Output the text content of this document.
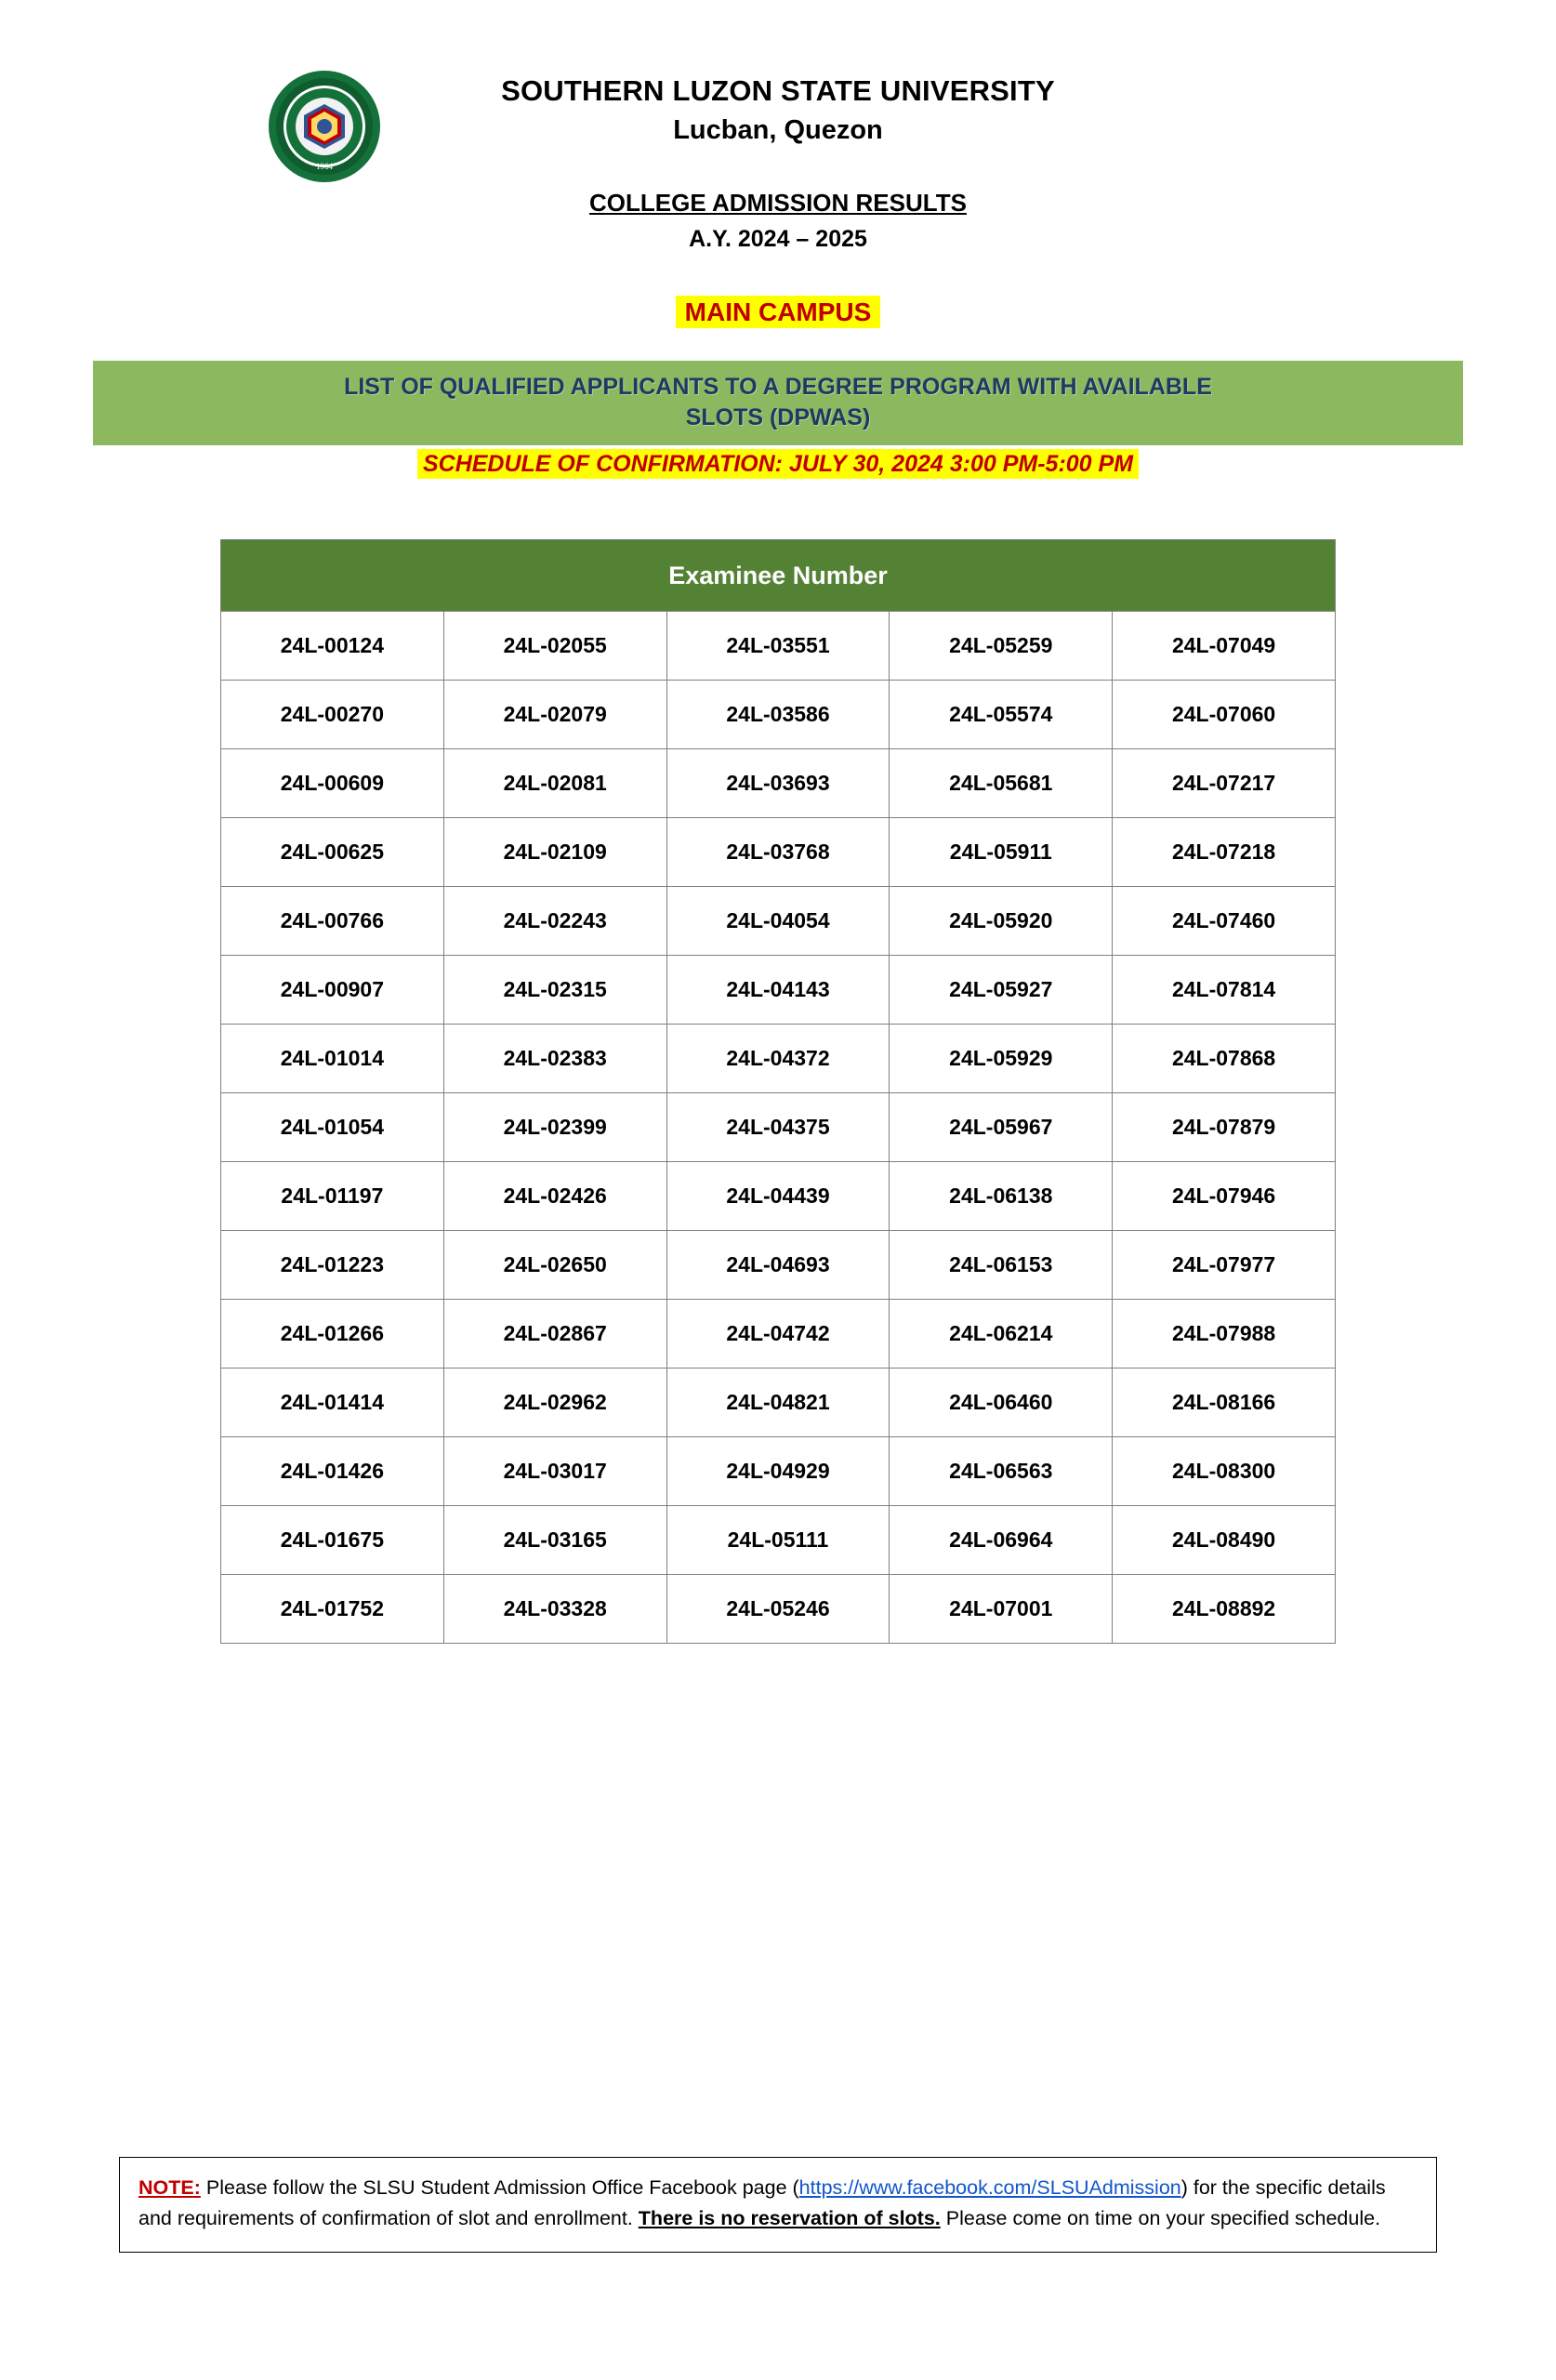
1964
SOUTHERN LUZON STATE UNIVERSITY
Lucban, Quezon
COLLEGE ADMISSION RESULTS
A.Y. 2024 – 2025
MAIN CAMPUS
LIST OF QUALIFIED APPLICANTS TO A DEGREE PROGRAM WITH AVAILABLE
SLOTS (DPWAS)
SCHEDULE OF CONFIRMATION: JULY 30, 2024 3:00 PM-5:00 PM
Examinee Number				
24L-00124	24L-02055	24L-03551	24L-05259	24L-07049
24L-00270	24L-02079	24L-03586	24L-05574	24L-07060
24L-00609	24L-02081	24L-03693	24L-05681	24L-07217
24L-00625	24L-02109	24L-03768	24L-05911	24L-07218
24L-00766	24L-02243	24L-04054	24L-05920	24L-07460
24L-00907	24L-02315	24L-04143	24L-05927	24L-07814
24L-01014	24L-02383	24L-04372	24L-05929	24L-07868
24L-01054	24L-02399	24L-04375	24L-05967	24L-07879
24L-01197	24L-02426	24L-04439	24L-06138	24L-07946
24L-01223	24L-02650	24L-04693	24L-06153	24L-07977
24L-01266	24L-02867	24L-04742	24L-06214	24L-07988
24L-01414	24L-02962	24L-04821	24L-06460	24L-08166
24L-01426	24L-03017	24L-04929	24L-06563	24L-08300
24L-01675	24L-03165	24L-05111	24L-06964	24L-08490
24L-01752	24L-03328	24L-05246	24L-07001	24L-08892
NOTE: Please follow the SLSU Student Admission Office Facebook page (https://www.facebook.com/SLSUAdmission) for the specific details and requirements of confirmation of slot and enrollment. There is no reservation of slots. Please come on time on your specified schedule.
